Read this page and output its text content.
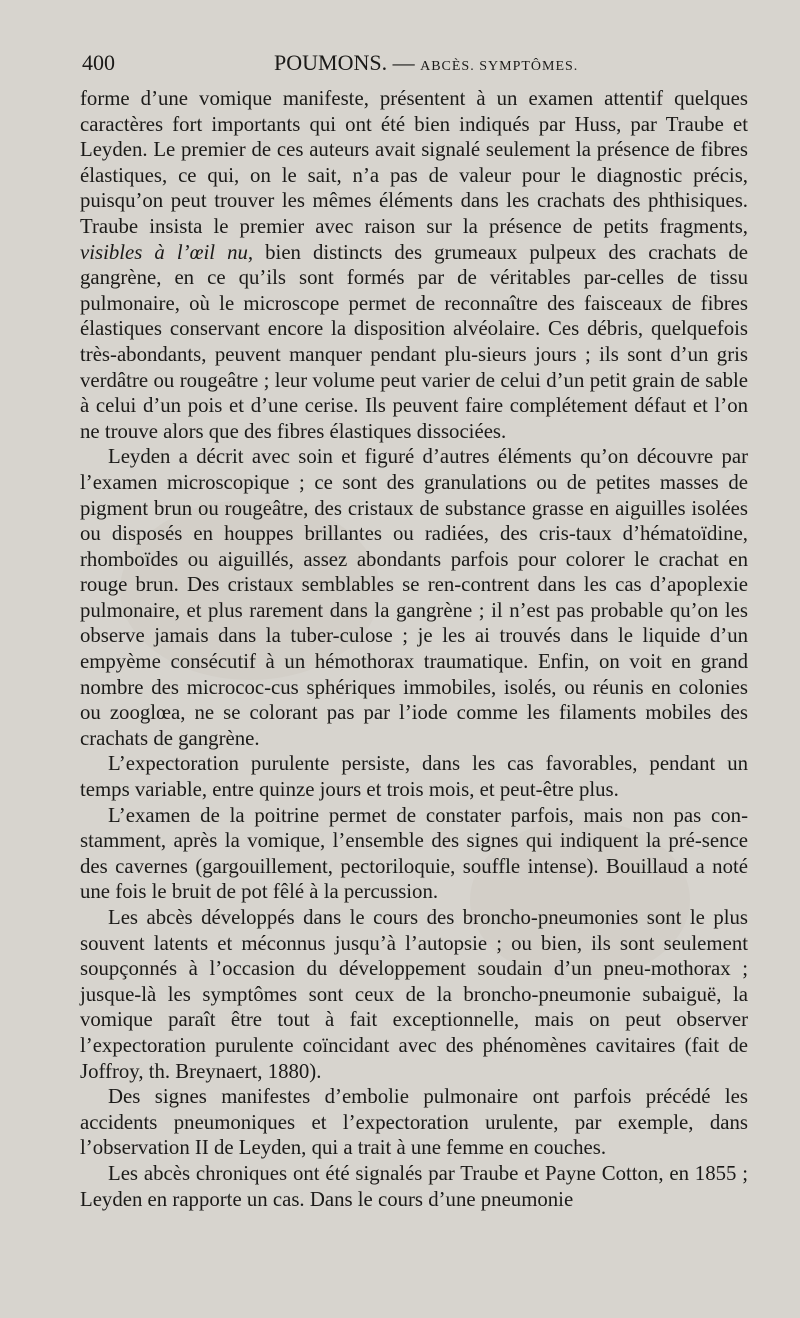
400	POUMONS. — ABCÈS. SYMPTÔMES.

forme d’une vomique manifeste, présentent à un examen attentif quelques caractères fort importants qui ont été bien indiqués par Huss, par Traube et Leyden. Le premier de ces auteurs avait signalé seulement la présence de fibres élastiques, ce qui, on le sait, n’a pas de valeur pour le diagnostic précis, puisqu’on peut trouver les mêmes éléments dans les crachats des phthisiques. Traube insista le premier avec raison sur la présence de petits fragments, visibles à l’œil nu, bien distincts des grumeaux pulpeux des crachats de gangrène, en ce qu’ils sont formés par de véritables par-celles de tissu pulmonaire, où le microscope permet de reconnaître des faisceaux de fibres élastiques conservant encore la disposition alvéolaire. Ces débris, quelquefois très-abondants, peuvent manquer pendant plu-sieurs jours ; ils sont d’un gris verdâtre ou rougeâtre ; leur volume peut varier de celui d’un petit grain de sable à celui d’un pois et d’une cerise. Ils peuvent faire complétement défaut et l’on ne trouve alors que des fibres élastiques dissociées.

Leyden a décrit avec soin et figuré d’autres éléments qu’on découvre par l’examen microscopique ; ce sont des granulations ou de petites masses de pigment brun ou rougeâtre, des cristaux de substance grasse en aiguilles isolées ou disposés en houppes brillantes ou radiées, des cris-taux d’hématoïdine, rhomboïdes ou aiguillés, assez abondants parfois pour colorer le crachat en rouge brun. Des cristaux semblables se ren-contrent dans les cas d’apoplexie pulmonaire, et plus rarement dans la gangrène ; il n’est pas probable qu’on les observe jamais dans la tuber-culose ; je les ai trouvés dans le liquide d’un empyème consécutif à un hémothorax traumatique. Enfin, on voit en grand nombre des micrococ-cus sphériques immobiles, isolés, ou réunis en colonies ou zooglœa, ne se colorant pas par l’iode comme les filaments mobiles des crachats de gangrène.

L’expectoration purulente persiste, dans les cas favorables, pendant un temps variable, entre quinze jours et trois mois, et peut-être plus.

L’examen de la poitrine permet de constater parfois, mais non pas con-stamment, après la vomique, l’ensemble des signes qui indiquent la pré-sence des cavernes (gargouillement, pectoriloquie, souffle intense). Bouillaud a noté une fois le bruit de pot fêlé à la percussion.

Les abcès développés dans le cours des broncho-pneumonies sont le plus souvent latents et méconnus jusqu’à l’autopsie ; ou bien, ils sont seulement soupçonnés à l’occasion du développement soudain d’un pneu-mothorax ; jusque-là les symptômes sont ceux de la broncho-pneumonie subaiguë, la vomique paraît être tout à fait exceptionnelle, mais on peut observer l’expectoration purulente coïncidant avec des phénomènes cavitaires (fait de Joffroy, th. Breynaert, 1880).

Des signes manifestes d’embolie pulmonaire ont parfois précédé les accidents pneumoniques et l’expectoration urulente, par exemple, dans l’observation II de Leyden, qui a trait à une femme en couches.

Les abcès chroniques ont été signalés par Traube et Payne Cotton, en 1855 ; Leyden en rapporte un cas. Dans le cours d’une pneumonie
